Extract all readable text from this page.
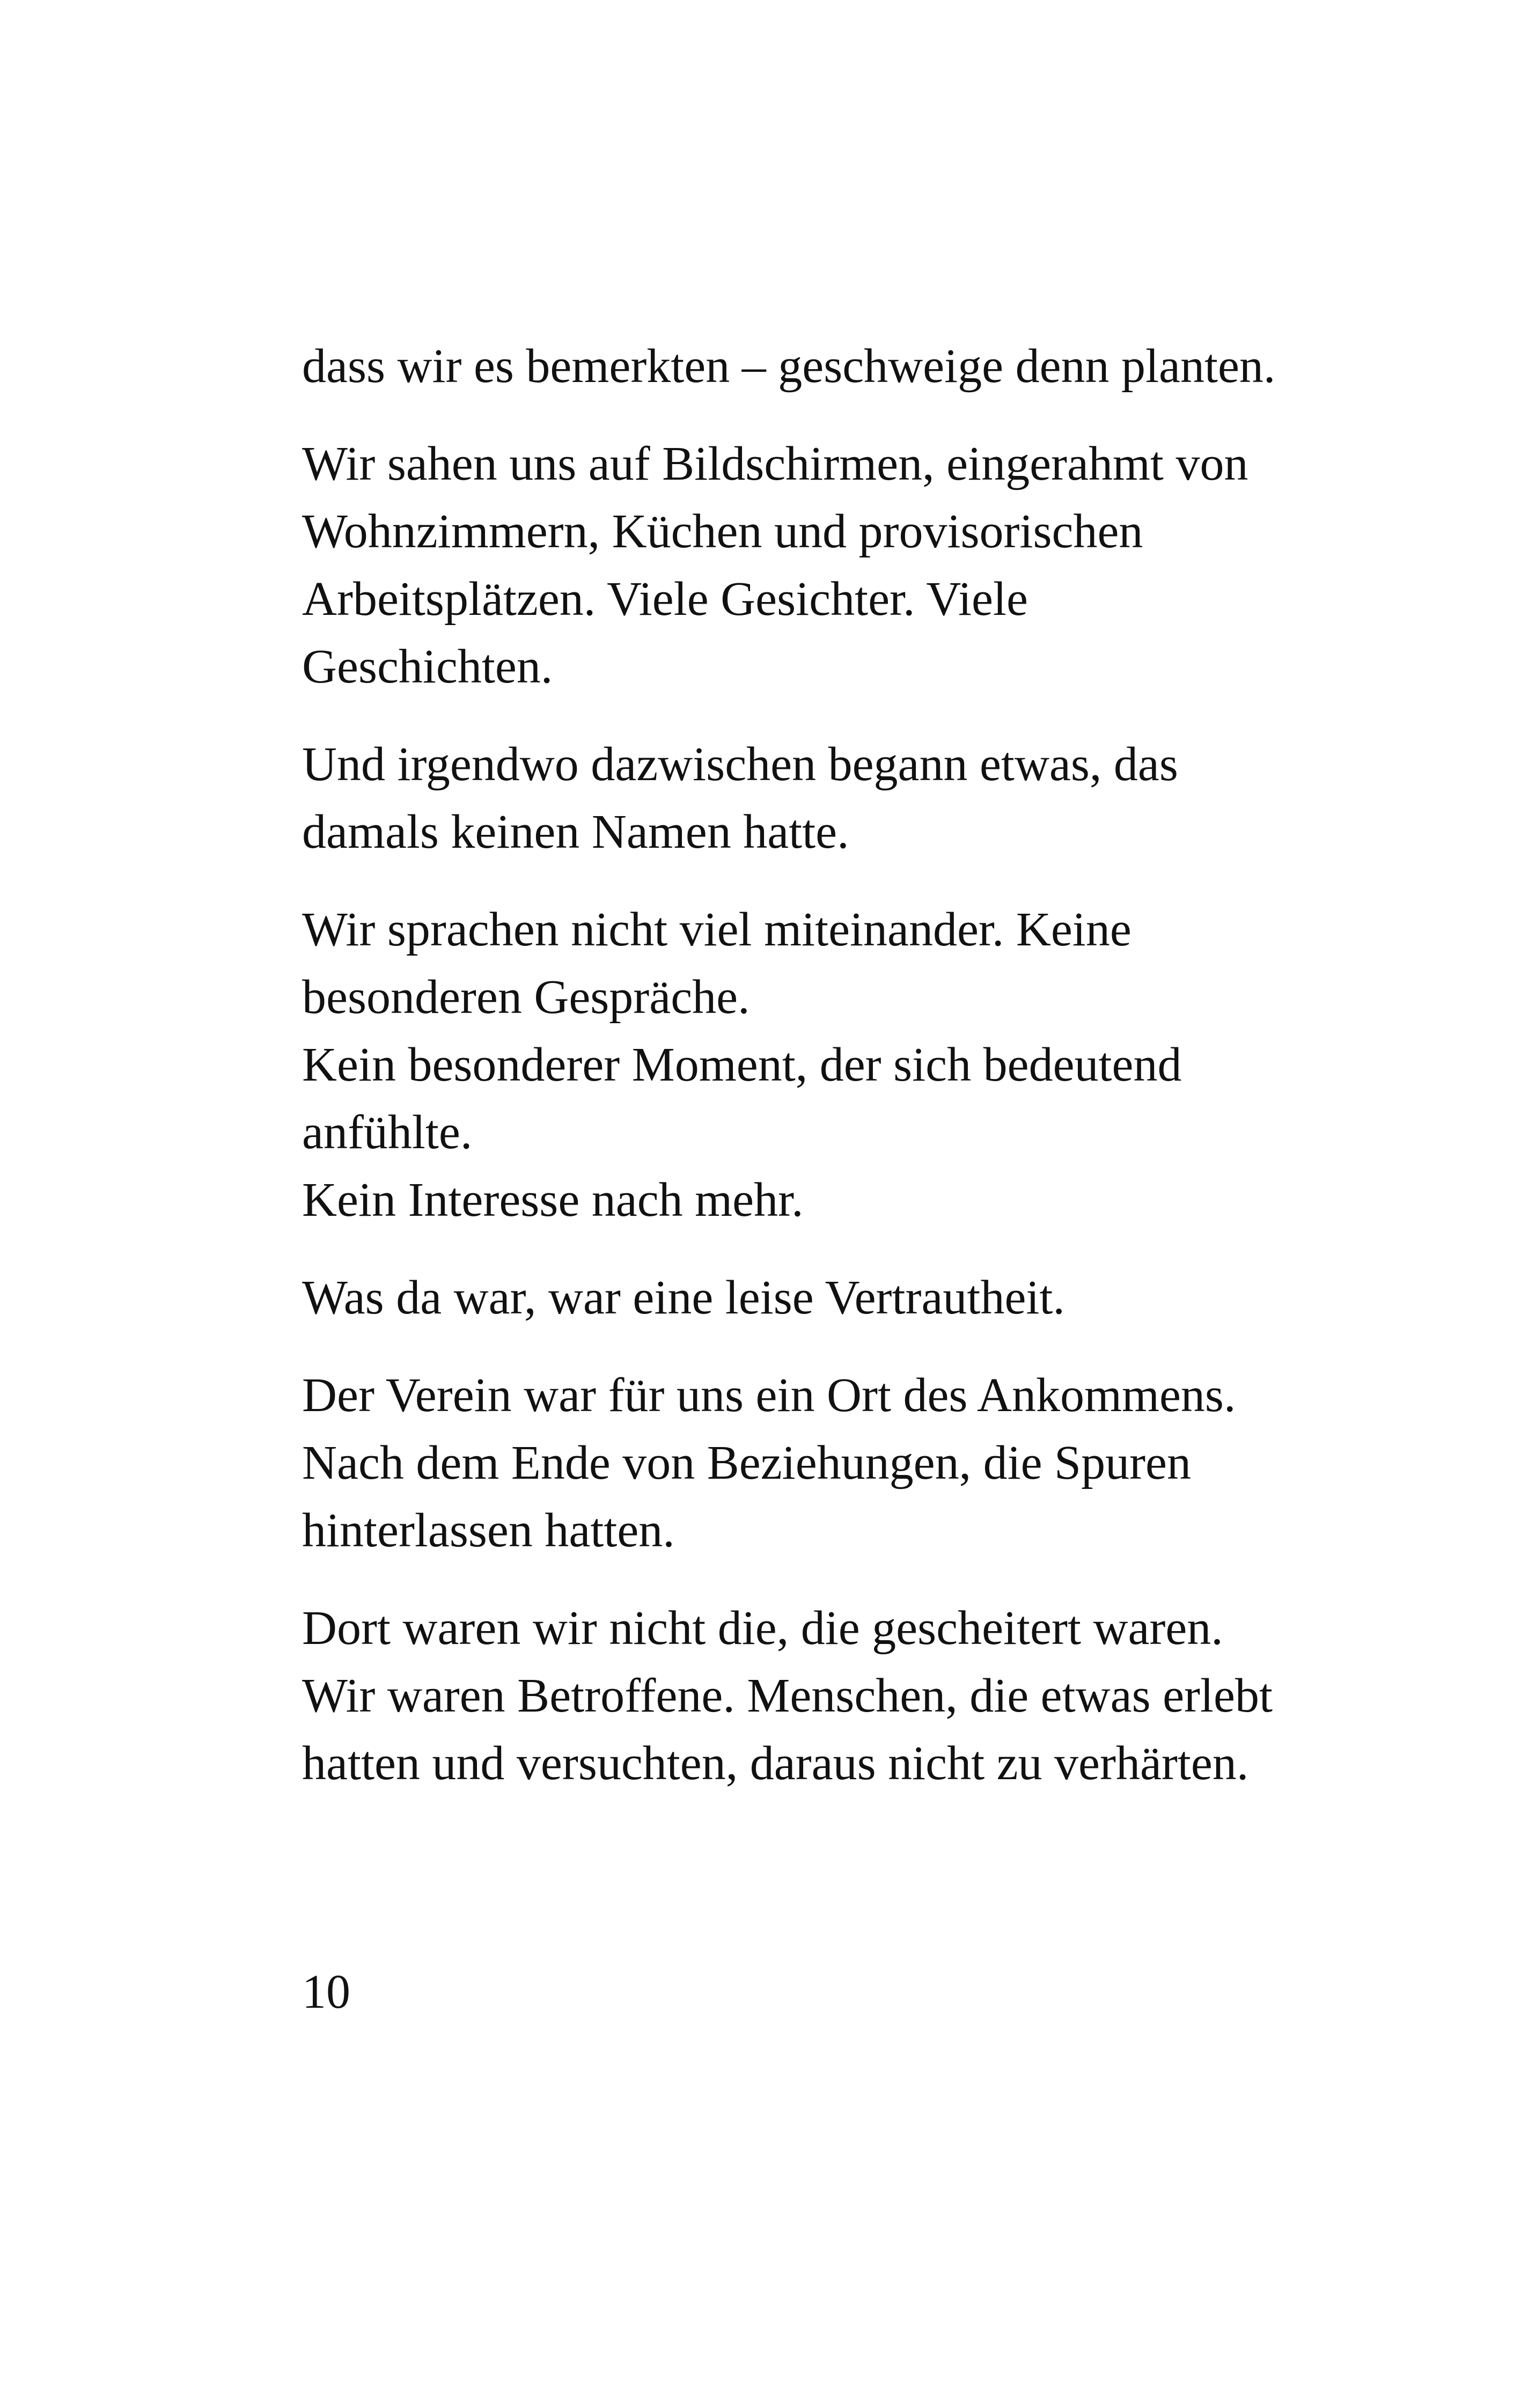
dass wir es bemerkten – geschweige denn planten.

Wir sahen uns auf Bildschirmen, eingerahmt von
Wohnzimmern, Küchen und provisorischen
Arbeitsplätzen. Viele Gesichter. Viele
Geschichten.

Und irgendwo dazwischen begann etwas, das
damals keinen Namen hatte.

Wir sprachen nicht viel miteinander. Keine
besonderen Gespräche.
Kein besonderer Moment, der sich bedeutend
anfühlte.
Kein Interesse nach mehr.

Was da war, war eine leise Vertrautheit.

Der Verein war für uns ein Ort des Ankommens.
Nach dem Ende von Beziehungen, die Spuren
hinterlassen hatten.

Dort waren wir nicht die, die gescheitert waren.
Wir waren Betroffene. Menschen, die etwas erlebt
hatten und versuchten, daraus nicht zu verhärten.

10
